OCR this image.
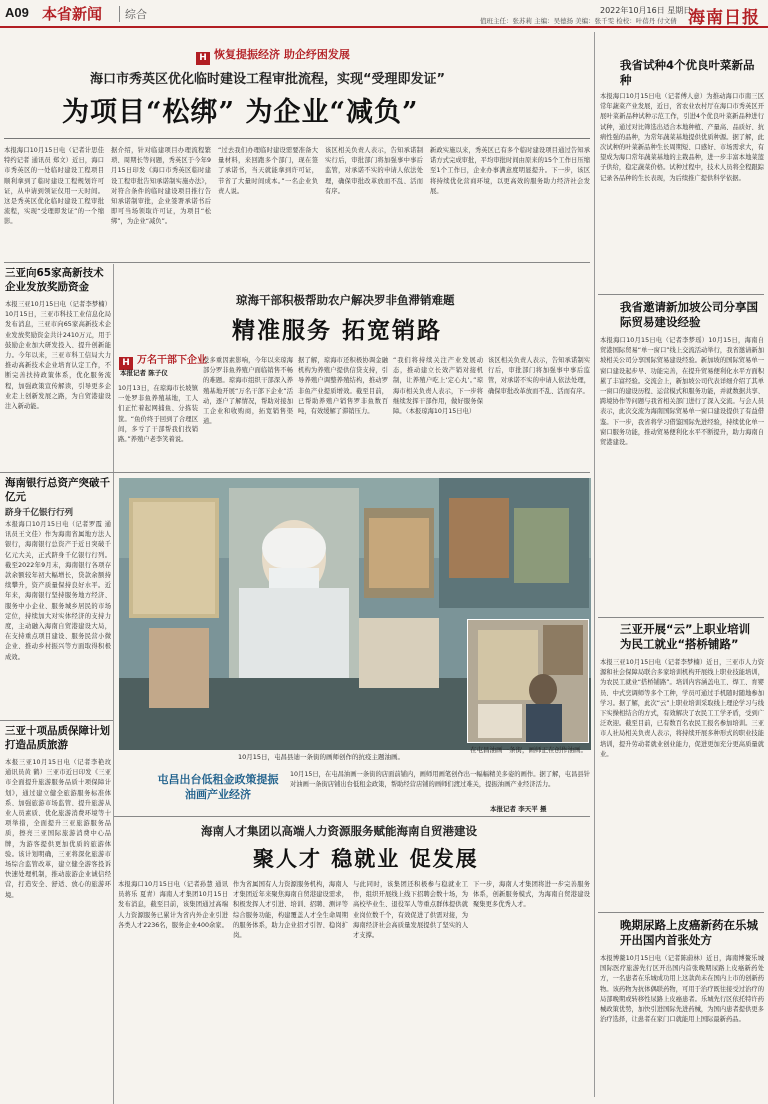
A09 本省新闻	综合	2022年10月16日 星期日
值班主任：张苏莉 主编：吴德扬 美编：张千雯 检校：叶蓓丹 付文倩 海南日报
H 恢复提振经济 助企纾困发展
海口市秀英区优化临时建设工程审批流程，实现“受理即发证”
为项目“松绑” 为企业“减负”
本报海口10月15日电（记者计思佳 特约记者 通讯员 郑文）近日，海口市秀英区的一处临时建设工程项目顺利拿到了临时建设工程规划许可证，从申请到领证仅用一天时间。这是秀英区优化临时建设工程审批流程，实现“受理即发证”的一个缩影。
据介绍，针对临建项目办理流程繁琐、周期长等问题，秀英区于今年9月15日印发《海口市秀英区临时建设工程审批告知承诺制实施办法》，对符合条件的临时建设项目推行告知承诺制审批，企业签署承诺书后即可当场领取许可证，为项目“松绑”，为企业“减负”。
“过去我们办理临时建设需要准备大量材料，来回跑多个部门，现在签了承诺书，当天就能拿到许可证，节省了大量时间成本。”一名企业负责人说。
该区相关负责人表示，告知承诺制实行后，审批部门将加强事中事后监管，对承诺不实的申请人依法处理，确保审批改革放而不乱、活而有序。
新政实施以来，秀英区已有多个临时建设项目通过告知承诺方式完成审批，平均审批时间由原来的15个工作日压缩至1个工作日，企业办事满意度明显提升。下一步，该区将持续优化营商环境，以更高效的服务助力经济社会发展。
三亚向65家高新技术企业发放奖励资金
本报三亚10月15日电（记者李梦楠）10月15日，三亚市科技工业信息化局发布消息，三亚市向65家高新技术企业发放奖励资金共计2410万元，用于鼓励企业加大研发投入、提升创新能力。今年以来，三亚市科工信局大力推动高新技术企业培育认定工作，不断完善扶持政策体系，优化服务流程，加强政策宣传解读，引导更多企业走上创新发展之路，为自贸港建设注入新动能。
琼海干部积极帮助农户解决罗非鱼滞销难题
精准服务 拓宽销路
H 万名干部下企业
本报记者 陈子仪
10月13日，在琼海市长坡镇一处罗非鱼养殖基地，工人们正忙着起网捕鱼、分拣装筐。“鱼价终于回到了合理区间，多亏了干部帮我们找销路。”养殖户老李笑着说。
受多重因素影响，今年以来琼海部分罗非鱼养殖户面临销售不畅的难题。琼海市组织干部深入养殖基地开展“万名干部下企业”活动，逐户了解情况，帮助对接加工企业和收购商，拓宽销售渠道。
据了解，琼海市还积极协调金融机构为养殖户提供信贷支持，引导养殖户调整养殖结构，推动罗非鱼产业提质增效。截至目前，已帮助养殖户销售罗非鱼数百吨，有效缓解了滞销压力。
“我们将持续关注产业发展动态，推动建立长效产销对接机制，让养殖户吃上‘定心丸’。”琼海市相关负责人表示，下一步将继续发挥干部作用，做好服务保障。（本报琼海10月15日电）
该区相关负责人表示，告知承诺制实行后，审批部门将加强事中事后监管，对承诺不实的申请人依法处理，确保审批改革放而不乱、活而有序。
海南银行总资产突破千亿元
跻身千亿银行行列
本报海口10月15日电（记者罗霞 通讯员王文佳）作为海南省属地方法人银行，海南银行总资产于近日突破千亿元大关，正式跻身千亿银行行列。截至2022年9月末，海南银行各项存款余额较年初大幅增长，贷款余额持续攀升，资产质量保持良好水平。近年来，海南银行坚持服务地方经济、服务中小企业、服务城乡居民的市场定位，持续加大对实体经济的支持力度，主动融入海南自贸港建设大局，在支持重点项目建设、服务民营小微企业、推动乡村振兴等方面取得积极成效。
三亚十项品质保障计划打造品质旅游
本报三亚10月15日电（记者李艳玫 通讯员黄 鹤）三亚市近日印发《三亚市全面提升旅游服务品质十项保障计划》，通过建立健全旅游服务标准体系、加强旅游市场监管、提升旅游从业人员素质、优化旅游消费环境等十项举措，全面提升三亚旅游服务品质，擦亮三亚国际旅游消费中心品牌，为游客提供更加优质的旅游体验。该计划明确，三亚将深化旅游市场综合监管改革，建立健全游客投诉快速处理机制，推动旅游企业诚信经营，打造安全、舒适、放心的旅游环境。
在屯昌油画一条街，画师正在创作油画。
10月15日，屯昌县迪一条街的画师创作的抗疫主题油画。
屯昌出台低租金政策提振油画产业经济
10月15日，在屯昌油画一条街的店面前铺内，画师用画笔创作出一幅幅精美多姿的画作。据了解，屯昌县针对油画一条街店铺出台低租金政策，帮助经营店铺的画师们渡过难关，提振油画产业经济活力。
本报记者 李天平 摄
海南人才集团以高端人力资源服务赋能海南自贸港建设
聚人才 稳就业 促发展
本报海口10月15日电（记者孙慧 通讯员蒋乐 夏青）海南人才集团10月15日发布消息，截至目前，该集团通过高端人力资源服务已累计为省内外企业引进各类人才2236名，服务企业400余家。
作为省属国有人力资源服务机构，海南人才集团近年来聚焦海南自贸港建设需求，积极发挥人才引进、培训、招聘、测评等综合服务功能，构建覆盖人才全生命周期的服务体系，助力企业招才引智、稳岗扩岗。
与此同时，该集团还积极参与稳就业工作，组织开展线上线下招聘会数十场，为高校毕业生、退役军人等重点群体提供就业岗位数千个，有效促进了供需对接，为海南经济社会高质量发展提供了坚实的人才支撑。
下一步，海南人才集团将进一步完善服务体系，创新服务模式，为海南自贸港建设聚集更多优秀人才。
我省试种4个优良叶菜新品种
本报海口10月15日电（记者傅人意）为推动海口市南三区常年蔬菜产业发展，近日，省农业农村厅在海口市秀英区开展叶菜新品种试种示范工作，引进4个优良叶菜新品种进行试种，通过对比筛选出适合本地种植、产量高、品质好、抗病性强的品种，为常年蔬菜基地提供优质种源。据了解，此次试种的叶菜新品种生长周期短、口感好、市场需求大，有望成为海口常年蔬菜基地的主栽品种，进一步丰富本地菜篮子供给，稳定蔬菜价格。试种过程中，技术人员将全程跟踪记录各品种的生长表现，为后续推广提供科学依据。
我省邀请新加坡公司分享国际贸易建设经验
本报海口10月15日电（记者李梦瑶）10月15日，海南自贸港国际贸易“单一窗口”线上交流活动举行，我省邀请新加坡相关公司分享国际贸易建设经验。新加坡的国际贸易单一窗口建设起步早、功能完善，在提升贸易便利化水平方面积累了丰富经验。交流会上，新加坡公司代表详细介绍了其单一窗口的建设历程、运营模式和服务功能，并就数据共享、跨境协作等问题与我省相关部门进行了深入交流。与会人员表示，此次交流为海南国际贸易单一窗口建设提供了有益借鉴。下一步，我省将学习借鉴国际先进经验，持续优化单一窗口服务功能，推动贸易便利化水平不断提升，助力海南自贸港建设。
三亚开展“云”上职业培训为民工就业“搭桥铺路”
本报三亚10月15日电（记者李梦楠）近日，三亚市人力资源和社会保障局联合多家培训机构开展线上职业技能培训，为农民工就业“搭桥铺路”。培训内容涵盖电工、焊工、育婴员、中式烹调师等多个工种，学员可通过手机随时随地参加学习。据了解，此次“云”上职业培训采取线上理论学习与线下实操相结合的方式，有效解决了农民工工学矛盾，受到广泛欢迎。截至目前，已有数百名农民工报名参加培训。三亚市人社局相关负责人表示，将持续开展多种形式的职业技能培训，提升劳动者就业创业能力，促进更加充分更高质量就业。
晚期尿路上皮癌新药在乐城开出国内首张处方
本报博鳌10月15日电（记者陈蔚林）近日，海南博鳌乐城国际医疗旅游先行区开出国内首张晚期尿路上皮癌新药处方，一名患者在乐城成功用上这款尚未在国内上市的创新药物。该药物为抗体偶联药物，可用于治疗既往接受过治疗的局部晚期或转移性尿路上皮癌患者。乐城先行区依托特许药械政策优势，加快引进国际先进药械，为国内患者提供更多治疗选择，让患者在家门口就能用上国际最新药品。
